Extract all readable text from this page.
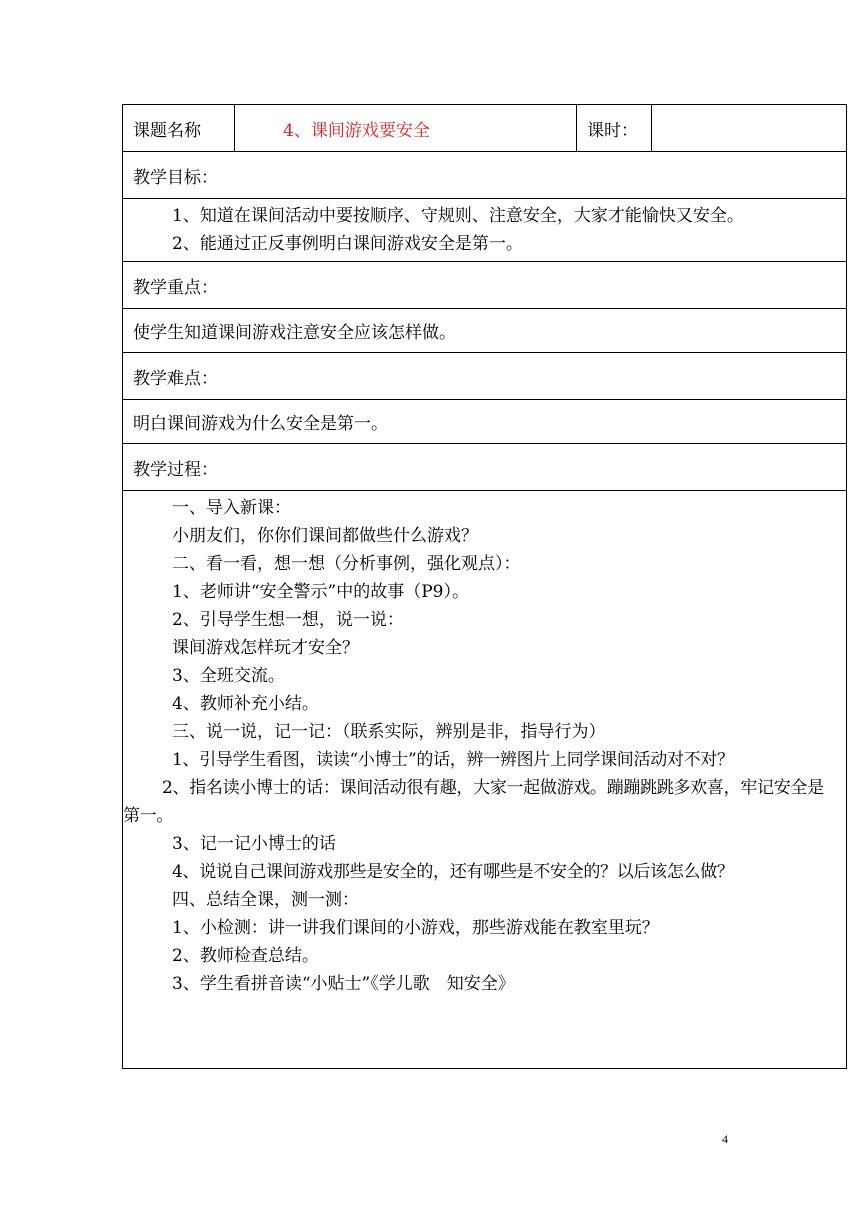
课题名称	4、课间游戏要安全	课时：	
教学目标：

1、知道在课间活动中要按顺序、守规则、注意安全，大家才能愉快又安全。
2、能通过正反事例明白课间游戏安全是第一。

教学重点：
使学生知道课间游戏注意安全应该怎样做。
教学难点：
明白课间游戏为什么安全是第一。
教学过程：

一、导入新课：
小朋友们，你你们课间都做些什么游戏？
二、看一看，想一想（分析事例，强化观点）：
1、老师讲“安全警示”中的故事（P9）。
2、引导学生想一想，说一说：
课间游戏怎样玩才安全？
3、全班交流。
4、教师补充小结。
三、说一说，记一记：（联系实际，辨别是非，指导行为）
1、引导学生看图，读读“小博士”的话，辨一辨图片上同学课间活动对不对？
2、指名读小博士的话：课间活动很有趣，大家一起做游戏。蹦蹦跳跳多欢喜，牢记安全是第一。
3、记一记小博士的话
4、说说自己课间游戏那些是安全的，还有哪些是不安全的？以后该怎么做？
四、总结全课，测一测：
1、小检测：讲一讲我们课间的小游戏，那些游戏能在教室里玩？
2、教师检查总结。
3、学生看拼音读“小贴士”《学儿歌　知安全》
4
